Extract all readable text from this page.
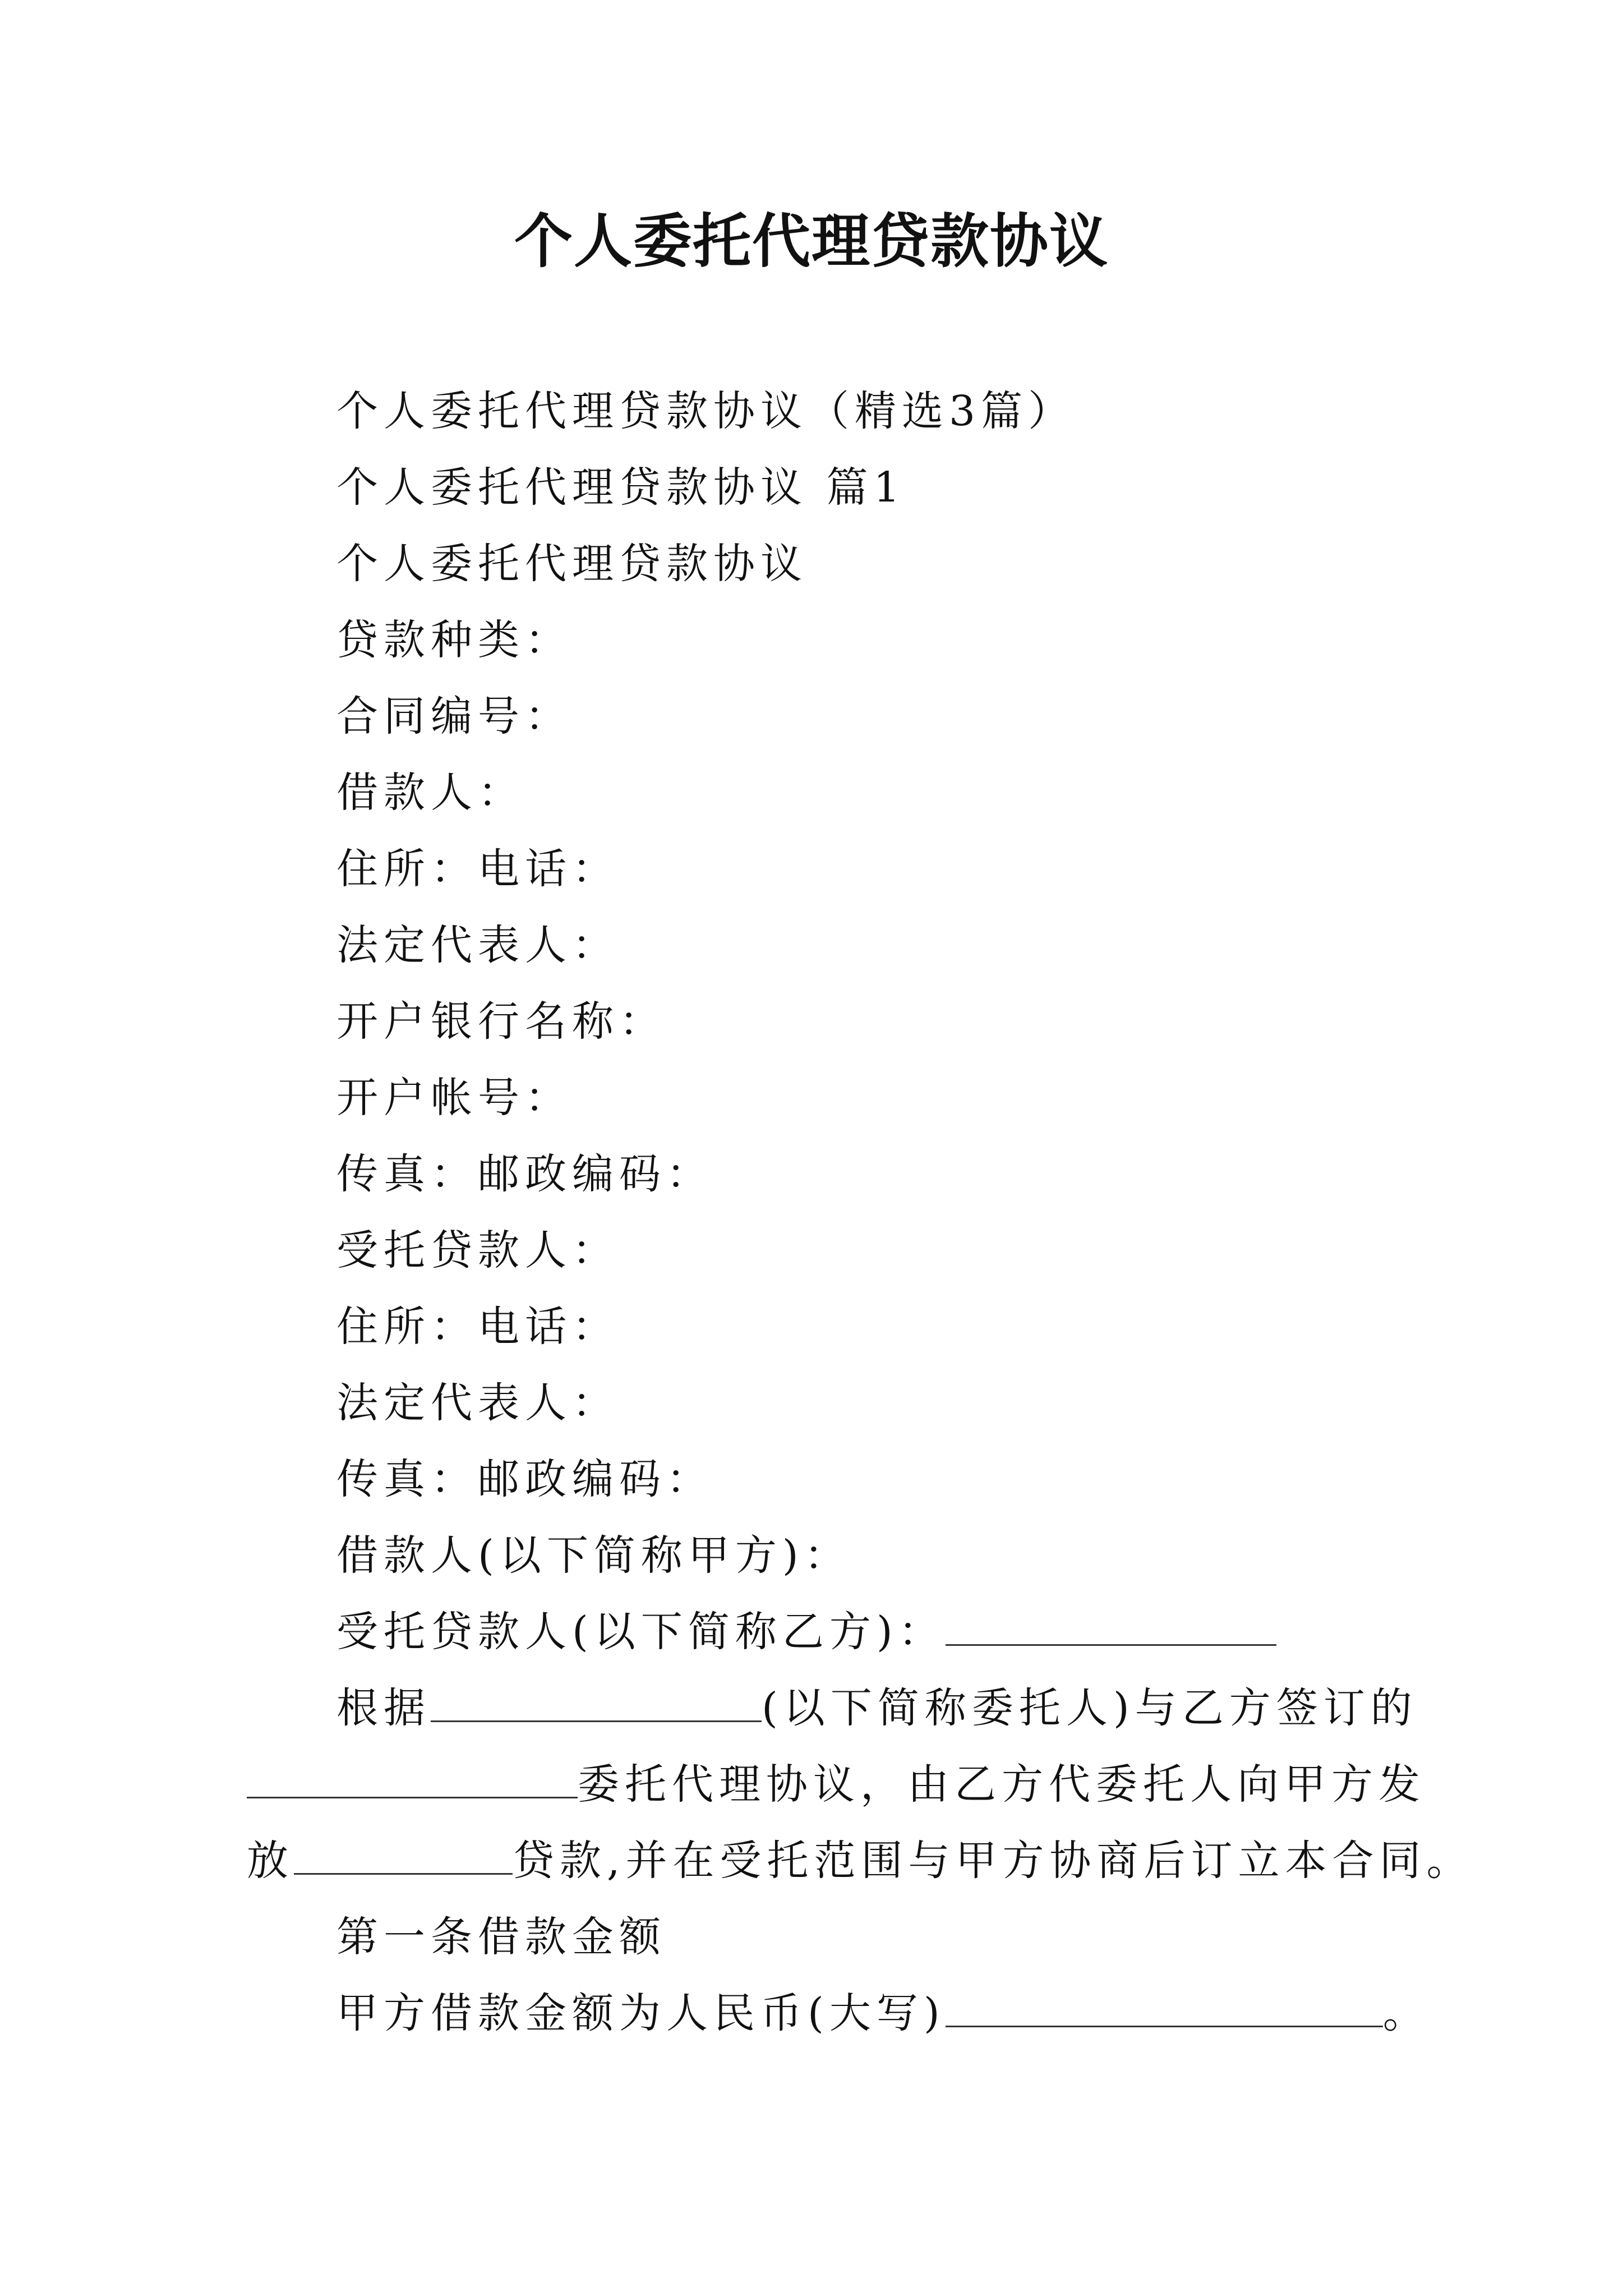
个人委托代理贷款协议
个人委托代理贷款协议（精选3篇）
个人委托代理贷款协议 篇1
个人委托代理贷款协议
贷款种类：
合同编号：
借款人：
住所：电话：
法定代表人：
开户银行名称：
开户帐号：
传真：邮政编码：
受托贷款人：
住所：电话：
法定代表人：
传真：邮政编码：
借款人(以下简称甲方)：
受托贷款人(以下简称乙方)：
根据	(以下简称委托人)与乙方签订的
委托代理协议，由乙方代委托人向甲方发
放	贷款,并在受托范围与甲方协商后订立本合同。
第一条借款金额
甲方借款金额为人民币(大写)	。
